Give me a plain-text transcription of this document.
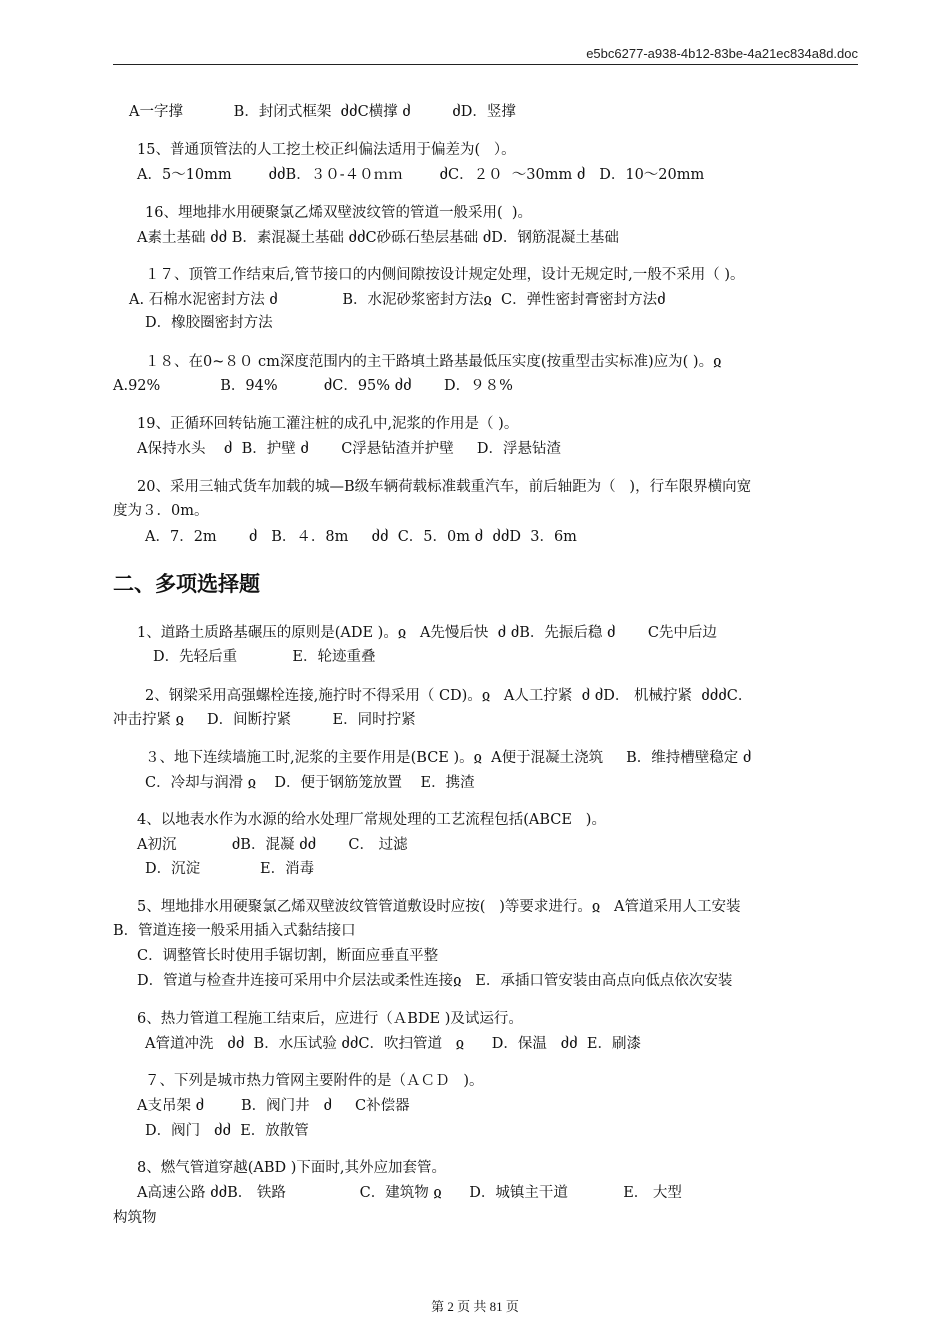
e5bc6277-a938-4b12-83be-4a21ec834a8d.doc
A一字撑           B．封闭式框架  ძძC横撑 ძ         ძD．竖撑
15、普通顶管法的人工挖土校正纠偏法适用于偏差为(   ）。
A．5～10mm        ძძB．３０-４０ｍｍ        ძC．２０  ～30mm ძ   D．10～20mm
16、埋地排水用硬聚氯乙烯双壁波纹管的管道一般采用(  )。
A素土基础 ძძ B．素混凝土基础 ძძC砂砾石垫层基础 ძD．钢筋混凝土基础
１７、顶管工作结束后,管节接口的内侧间隙按设计规定处理，设计无规定时,一般不采用（ )。
A. 石棉水泥密封方法 ძ              B．水泥砂浆密封方法ჲ  C．弹性密封膏密封方法ძ
D．橡胶圈密封方法
１８、在0~８０ cm深度范围内的主干路填土路基最低压实度(按重型击实标准)应为( )。ჲ
A.92%             B．94%          ძC．95% ძძ       D．９８%
19、正循环回转钻施工灌注桩的成孔中,泥浆的作用是（ )。
A保持水头    ძ  B．护壁 ძ       C浮悬钻渣并护壁     D．浮悬钻渣
20、采用三轴式货车加载的城—B级车辆荷载标准载重汽车，前后轴距为（   )，行车限界横向宽
度为３．0m。
A．7．2m       ძ   B．４．8m     ძძ  C．5．0m ძ  ძძD  3．6m
二、多项选择题
1、道路土质路基碾压的原则是(ADE )。ჲ   A先慢后快  ძ ძB．先振后稳 ძ       C先中后边
D．先轻后重            E．轮迹重叠
2、钢梁采用高强螺栓连接,施拧时不得采用（ CD)。ჲ   A人工拧紧  ძ ძD． 机械拧紧  ძძძC．
冲击拧紧 ჲ     D．间断拧紧         E．同时拧紧
３、地下连续墙施工时,泥浆的主要作用是(BCE )。ჲ  A便于混凝土浇筑     B．维持槽壁稳定 ძ
C．冷却与润滑 ჲ    D．便于钢筋笼放置    E．携渣
4、以地表水作为水源的给水处理厂常规处理的工艺流程包括(ABCE   )。
A初沉            ძB．混凝 ძძ       C． 过滤
D．沉淀             E．消毒
5、埋地排水用硬聚氯乙烯双壁波纹管管道敷设时应按(   )等要求进行。ჲ   A管道采用人工安装
B．管道连接一般采用插入式黏结接口
C．调整管长时使用手锯切割，断面应垂直平整
D．管道与检查井连接可采用中介层法或柔性连接ჲ   E．承插口管安装由高点向低点依次安装
6、热力管道工程施工结束后，应进行（ＡBDE )及试运行。
A管道冲洗   ძძ  B．水压试验 ძძC．吹扫管道   ჲ      D．保温   ძძ  E．刷漆
７、下列是城市热力管网主要附件的是（ＡＣＤ   )。
A支吊架 ძ        B．阀门井   ძ     C补偿器
D．阀门   ძძ  E．放散管
8、燃气管道穿越(ABD )下面时,其外应加套管。
A高速公路 ძძB． 铁路                C．建筑物 ჲ      D．城镇主干道            E． 大型
构筑物
第 2 页 共 81 页
